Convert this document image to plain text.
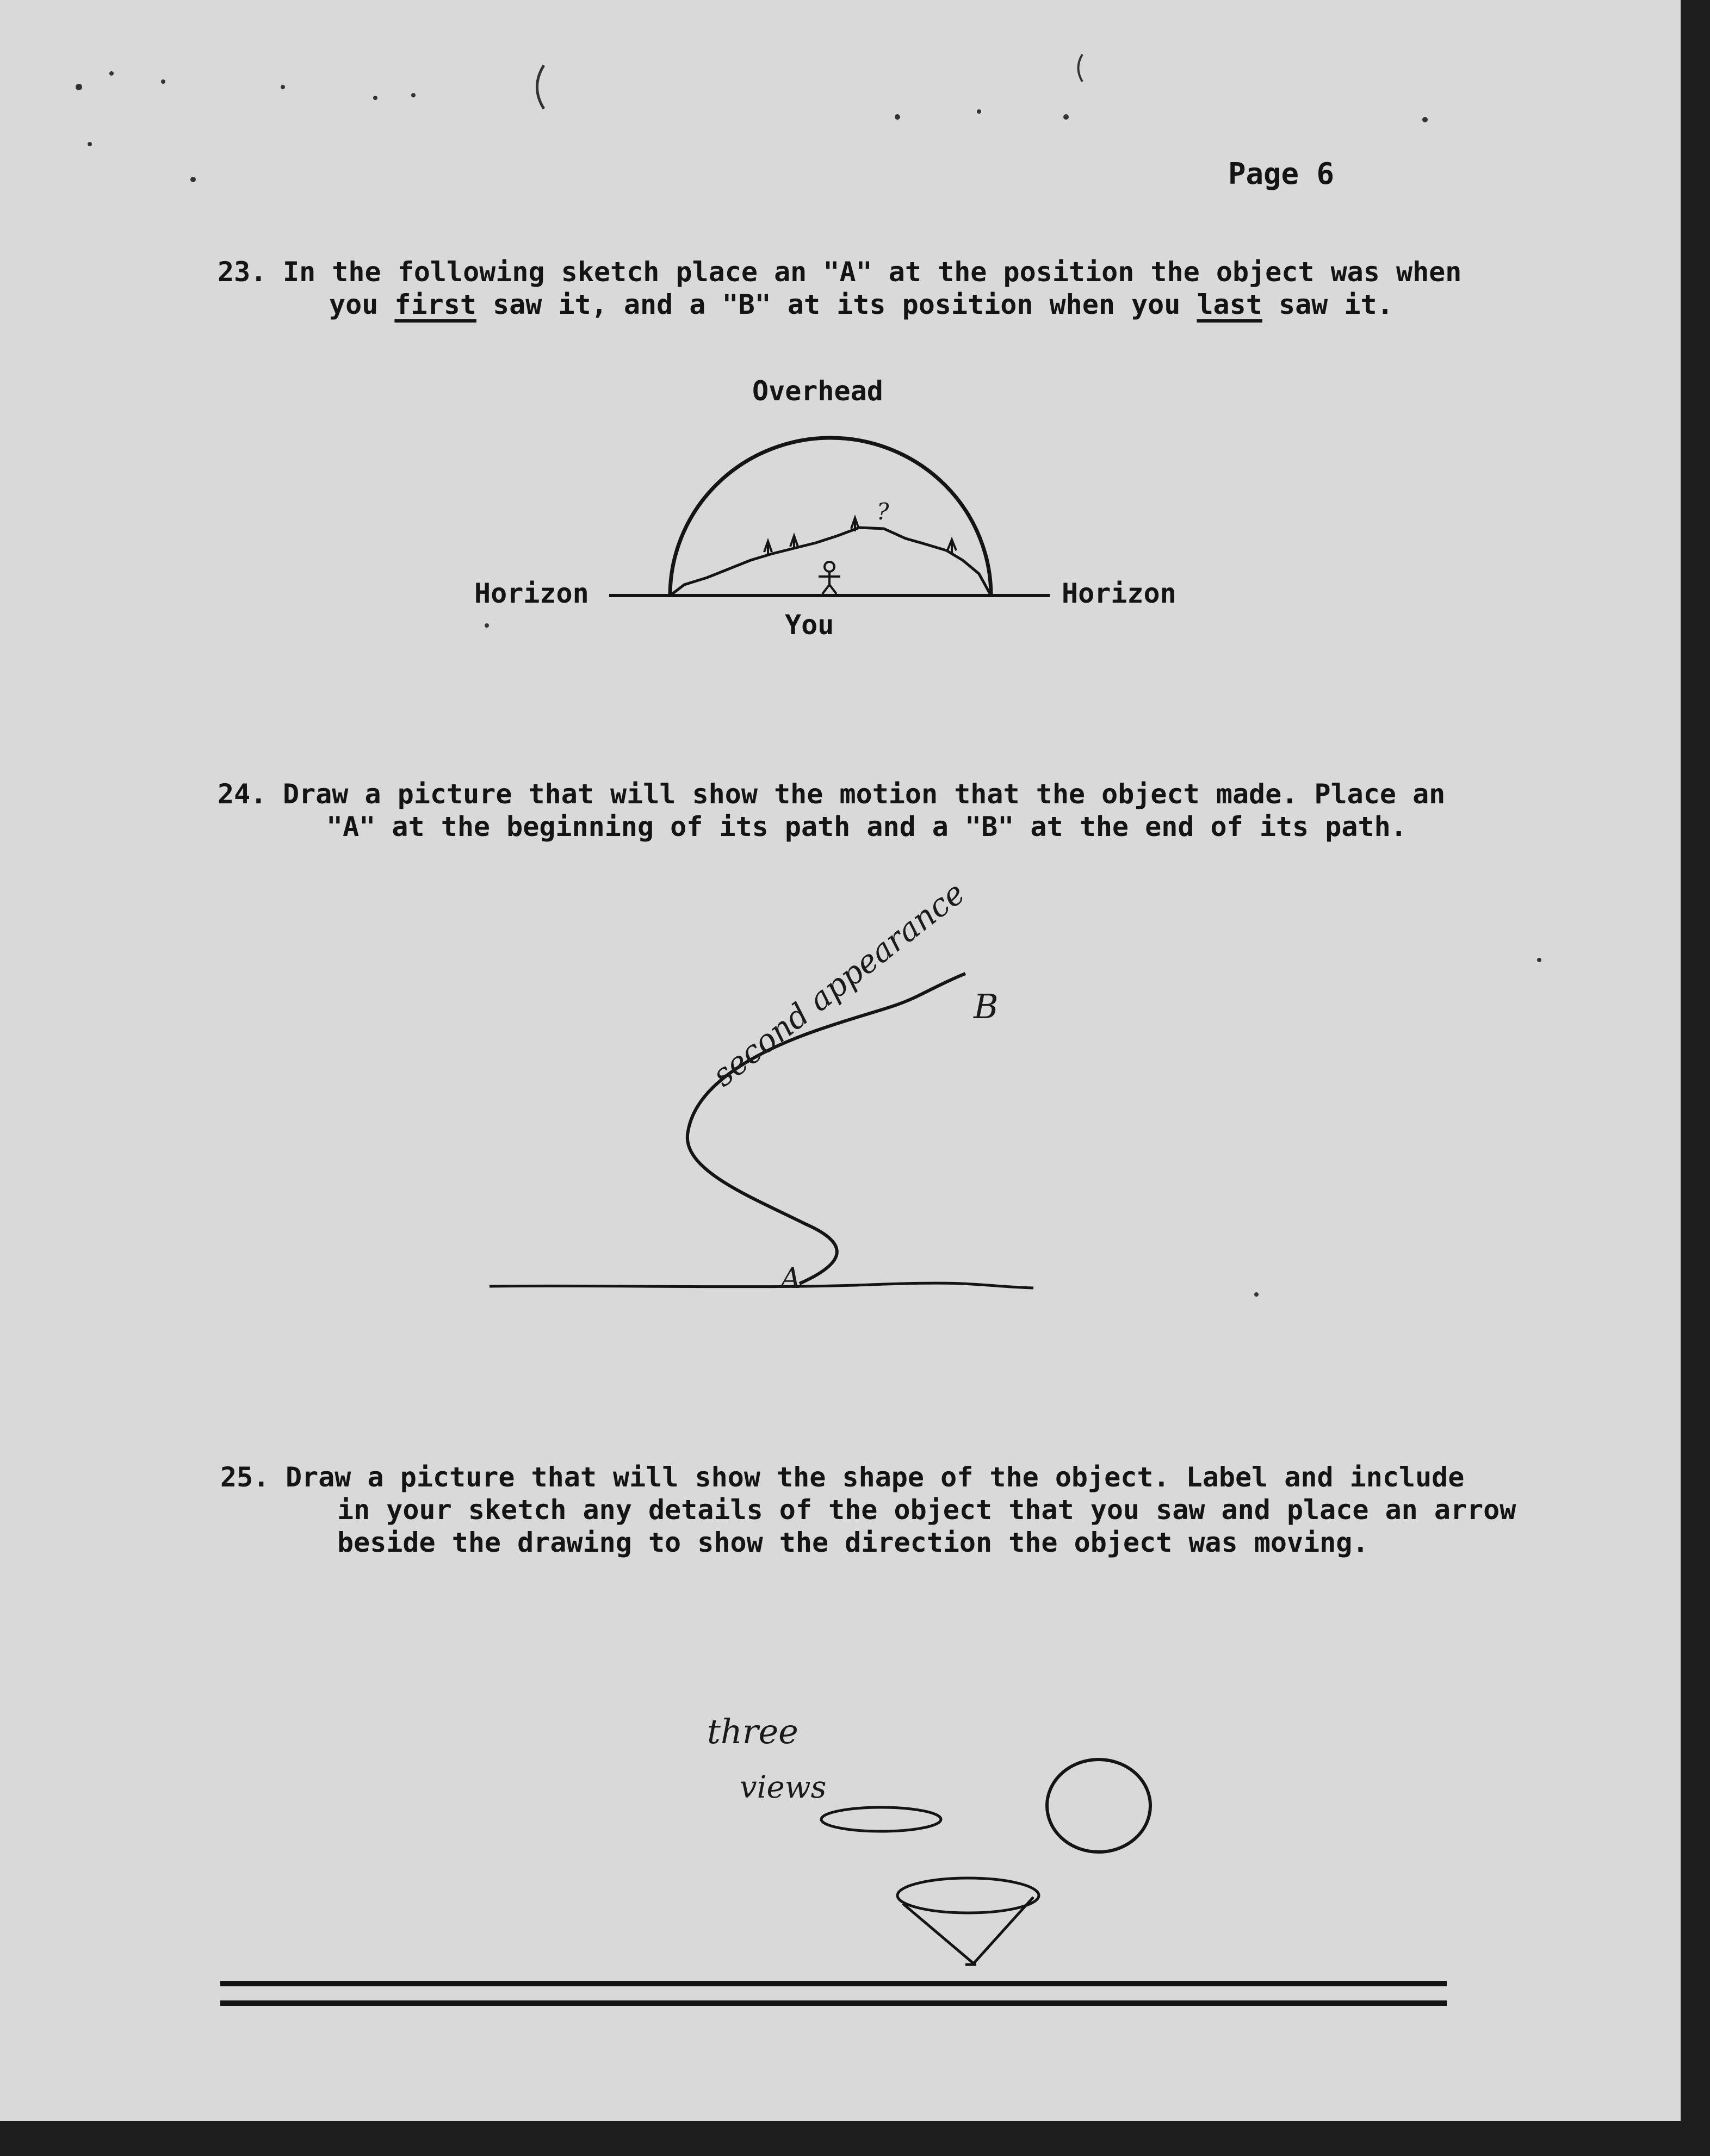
Page 6
23. In the following sketch place an "A" at the position the object was when
you first saw it, and a "B" at its position when you last saw it.
Overhead
Horizon	Horizon
You
24. Draw a picture that will show the motion that the object made. Place an
"A" at the beginning of its path and a "B" at the end of its path.
25. Draw a picture that will show the shape of the object. Label and include
in your sketch any details of the object that you saw and place an arrow
beside the drawing to show the direction the object was moving.
?
A
B
second appearance
three
views
